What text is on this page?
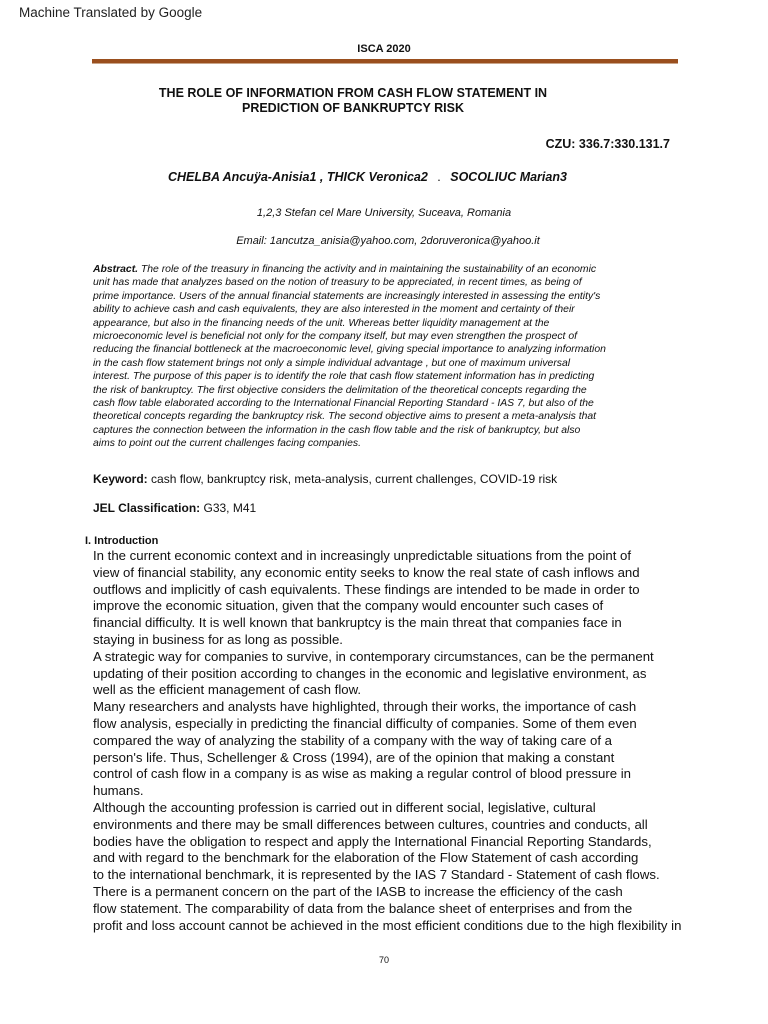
Machine Translated by Google
ISCA 2020
THE ROLE OF INFORMATION FROM CASH FLOW STATEMENT IN
PREDICTION OF BANKRUPTCY RISK
CZU: 336.7:330.131.7
CHELBA Ancuÿa-Anisia1 , THICK Veronica2 . SOCOLIUC Marian3
1,2,3 Stefan cel Mare University, Suceava, Romania
Email: 1ancutza_anisia@yahoo.com, 2doruveronica@yahoo.it
Abstract. The role of the treasury in financing the activity and in maintaining the sustainability of an economic
unit has made that analyzes based on the notion of treasury to be appreciated, in recent times, as being of
prime importance. Users of the annual financial statements are increasingly interested in assessing the entity's
ability to achieve cash and cash equivalents, they are also interested in the moment and certainty of their
appearance, but also in the financing needs of the unit. Whereas better liquidity management at the
microeconomic level is beneficial not only for the company itself, but may even strengthen the prospect of
reducing the financial bottleneck at the macroeconomic level, giving special importance to analyzing information
in the cash flow statement brings not only a simple individual advantage , but one of maximum universal
interest. The purpose of this paper is to identify the role that cash flow statement information has in predicting
the risk of bankruptcy. The first objective considers the delimitation of the theoretical concepts regarding the
cash flow table elaborated according to the International Financial Reporting Standard - IAS 7, but also of the
theoretical concepts regarding the bankruptcy risk. The second objective aims to present a meta-analysis that
captures the connection between the information in the cash flow table and the risk of bankruptcy, but also
aims to point out the current challenges facing companies.
Keyword: cash flow, bankruptcy risk, meta-analysis, current challenges, COVID-19 risk
JEL Classification: G33, M41
I. Introduction
In the current economic context and in increasingly unpredictable situations from the point of
view of financial stability, any economic entity seeks to know the real state of cash inflows and
outflows and implicitly of cash equivalents. These findings are intended to be made in order to
improve the economic situation, given that the company would encounter such cases of
financial difficulty. It is well known that bankruptcy is the main threat that companies face in
staying in business for as long as possible.
A strategic way for companies to survive, in contemporary circumstances, can be the permanent
updating of their position according to changes in the economic and legislative environment, as
well as the efficient management of cash flow.
Many researchers and analysts have highlighted, through their works, the importance of cash
flow analysis, especially in predicting the financial difficulty of companies. Some of them even
compared the way of analyzing the stability of a company with the way of taking care of a
person's life. Thus, Schellenger & Cross (1994), are of the opinion that making a constant
control of cash flow in a company is as wise as making a regular control of blood pressure in
humans.
Although the accounting profession is carried out in different social, legislative, cultural
environments and there may be small differences between cultures, countries and conducts, all
bodies have the obligation to respect and apply the International Financial Reporting Standards,
and with regard to the benchmark for the elaboration of the Flow Statement of cash according
to the international benchmark, it is represented by the IAS 7 Standard - Statement of cash flows.
There is a permanent concern on the part of the IASB to increase the efficiency of the cash
flow statement. The comparability of data from the balance sheet of enterprises and from the
profit and loss account cannot be achieved in the most efficient conditions due to the high flexibility in
70
